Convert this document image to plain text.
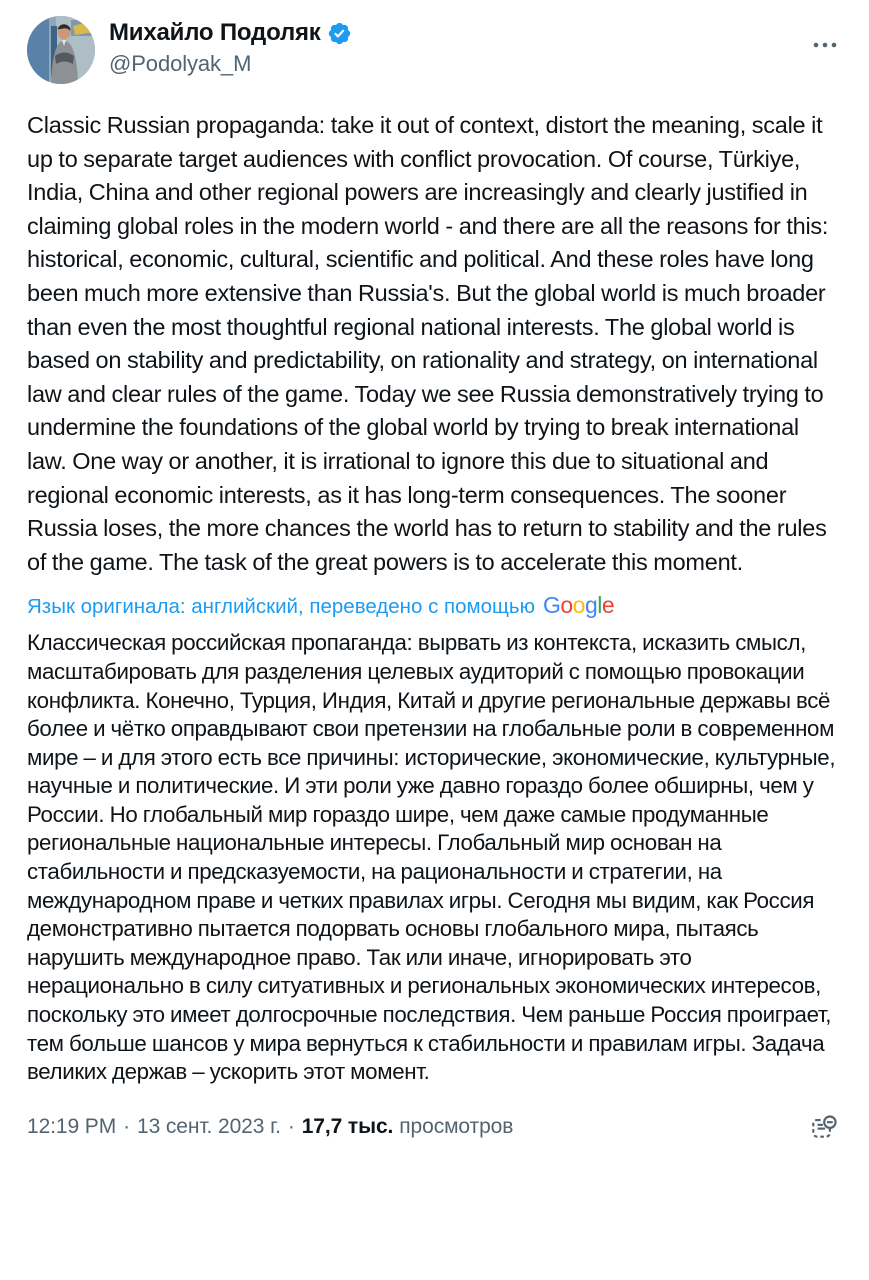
Михайло Подоляк
@Podolyak_M
Classic Russian propaganda: take it out of context, distort the meaning, scale it up to separate target audiences with conflict provocation. Of course, Türkiye, India, China and other regional powers are increasingly and clearly justified in claiming global roles in the modern world - and there are all the reasons for this: historical, economic, cultural, scientific and political. And these roles have long been much more extensive than Russia's. But the global world is much broader than even the most thoughtful regional national interests. The global world is based on stability and predictability, on rationality and strategy, on international law and clear rules of the game. Today we see Russia demonstratively trying to undermine the foundations of the global world by trying to break international law. One way or another, it is irrational to ignore this due to situational and regional economic interests, as it has long-term consequences. The sooner Russia loses, the more chances the world has to return to stability and the rules of the game. The task of the great powers is to accelerate this moment.
Язык оригинала: английский, переведено с помощью Google
Классическая российская пропаганда: вырвать из контекста, исказить смысл, масштабировать для разделения целевых аудиторий с помощью провокации конфликта. Конечно, Турция, Индия, Китай и другие региональные державы всё более и чётко оправдывают свои претензии на глобальные роли в современном мире – и для этого есть все причины: исторические, экономические, культурные, научные и политические. И эти роли уже давно гораздо более обширны, чем у России. Но глобальный мир гораздо шире, чем даже самые продуманные региональные национальные интересы. Глобальный мир основан на стабильности и предсказуемости, на рациональности и стратегии, на международном праве и четких правилах игры. Сегодня мы видим, как Россия демонстративно пытается подорвать основы глобального мира, пытаясь нарушить международное право. Так или иначе, игнорировать это нерационально в силу ситуативных и региональных экономических интересов, поскольку это имеет долгосрочные последствия. Чем раньше Россия проиграет, тем больше шансов у мира вернуться к стабильности и правилам игры. Задача великих держав – ускорить этот момент.
12:19 PM · 13 сент. 2023 г. · 17,7 тыс. просмотров
